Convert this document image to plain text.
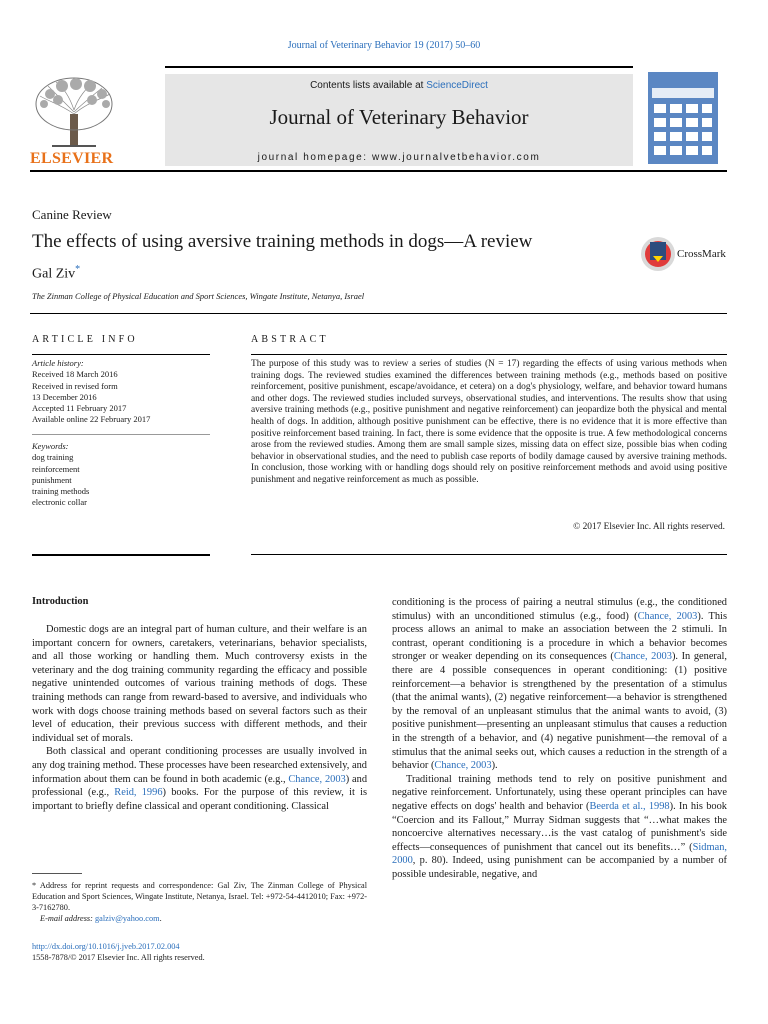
Journal of Veterinary Behavior 19 (2017) 50–60
ELSEVIER
Contents lists available at ScienceDirect
Journal of Veterinary Behavior
journal homepage: www.journalvetbehavior.com
Canine Review
The effects of using aversive training methods in dogs—A review
CrossMark
Gal Ziv*
The Zinman College of Physical Education and Sport Sciences, Wingate Institute, Netanya, Israel
ARTICLE INFO
Article history:
Received 18 March 2016
Received in revised form
13 December 2016
Accepted 11 February 2017
Available online 22 February 2017
Keywords:
dog training
reinforcement
punishment
training methods
electronic collar
ABSTRACT
The purpose of this study was to review a series of studies (N = 17) regarding the effects of using various methods when training dogs. The reviewed studies examined the differences between training methods (e.g., methods based on positive reinforcement, positive punishment, escape/avoidance, et cetera) on a dog's physiology, welfare, and behavior toward humans and other dogs. The reviewed studies included surveys, observational studies, and interventions. The results show that using aversive training methods (e.g., positive punishment and negative reinforcement) can jeopardize both the physical and mental health of dogs. In addition, although positive punishment can be effective, there is no evidence that it is more effective than positive reinforcement based training. In fact, there is some evidence that the opposite is true. A few methodological concerns arose from the reviewed studies. Among them are small sample sizes, missing data on effect size, possible bias when coding behavior in observational studies, and the need to publish case reports of bodily damage caused by aversive training methods. In conclusion, those working with or handling dogs should rely on positive reinforcement methods and avoid using positive punishment and negative reinforcement as much as possible.
© 2017 Elsevier Inc. All rights reserved.
Introduction

Domestic dogs are an integral part of human culture, and their welfare is an important concern for owners, caretakers, veterinarians, behavior specialists, and all those working or handling them. Much controversy exists in the veterinary and the dog training community regarding the efficacy and possible negative unintended outcomes of various training methods of dogs. These training methods can range from reward-based to aversive, and individuals who work with dogs choose training methods based on several factors such as their level of education, their previous success with different methods, and their individual set of morals.

Both classical and operant conditioning processes are usually involved in any dog training method. These processes have been researched extensively, and information about them can be found in both academic (e.g., Chance, 2003) and professional (e.g., Reid, 1996) books. For the purpose of this review, it is important to briefly define classical and operant conditioning. Classical

conditioning is the process of pairing a neutral stimulus (e.g., the conditioned stimulus) with an unconditioned stimulus (e.g., food) (Chance, 2003). This process allows an animal to make an association between the 2 stimuli. In contrast, operant conditioning is a procedure in which a behavior becomes stronger or weaker depending on its consequences (Chance, 2003). In general, there are 4 possible consequences in operant conditioning: (1) positive reinforcement—a behavior is strengthened by the presentation of a stimulus (that the animal wants), (2) negative reinforcement—a behavior is strengthened by the removal of an unpleasant stimulus that the animal wants to avoid, (3) positive punishment—presenting an unpleasant stimulus that causes a reduction in the strength of a behavior, and (4) negative punishment—the removal of a stimulus that the animal seeks out, which causes a reduction in the strength of a behavior (Chance, 2003).

Traditional training methods tend to rely on positive punishment and negative reinforcement. Unfortunately, using these operant principles can have negative effects on dogs' health and behavior (Beerda et al., 1998). In his book “Coercion and its Fallout,” Murray Sidman suggests that “…what makes the noncoercive alternatives necessary…is the vast catalog of punishment's side effects—consequences of punishment that cancel out its benefits…” (Sidman, 2000, p. 80). Indeed, using punishment can be accompanied by a number of possible undesirable, negative, and

* Address for reprint requests and correspondence: Gal Ziv, The Zinman College of Physical Education and Sport Sciences, Wingate Institute, Netanya, Israel. Tel: +972-54-4412010; Fax: +972-3-7162780.
E-mail address: galziv@yahoo.com.
http://dx.doi.org/10.1016/j.jveb.2017.02.004
1558-7878/© 2017 Elsevier Inc. All rights reserved.
